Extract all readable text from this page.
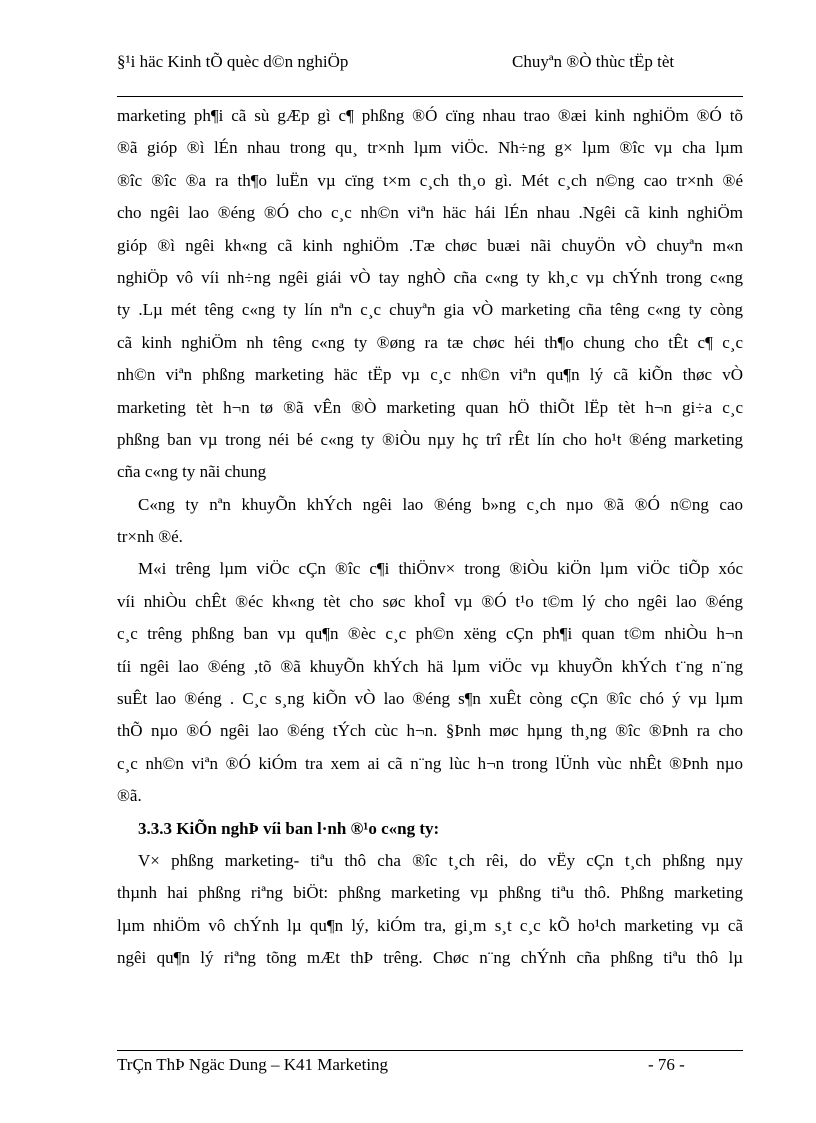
§¹i häc Kinh tÕ quèc d©n nghiÖp	Chuyªn ®Ò thùc tËp tèt
marketing ph¶i cã sù gÆp gì c¶ phßng ®Ó cïng nhau trao ®æi kinh nghiÖm ®Ó tõ
®ã gióp ®ì lÉn nhau trong qu¸ tr×nh lµm viÖc. Nh÷ng g× lµm ®îc vµ cha lµm
®îc ®îc ®a ra th¶o luËn vµ cïng t×m c¸ch th¸o gì. Mét c¸ch n©ng cao tr×nh ®é
cho ngêi lao ®éng ®Ó cho c¸c nh©n viªn häc hái lÉn nhau .Ngêi cã kinh nghiÖm
gióp ®ì ngêi kh«ng cã kinh nghiÖm .Tæ chøc buæi nãi chuyÖn vÒ chuyªn m«n
nghiÖp vô víi nh÷ng ngêi giái vÒ tay nghÒ cña c«ng ty kh¸c vµ chÝnh trong c«ng
ty .Lµ mét têng c«ng ty lín nªn c¸c chuyªn gia vÒ marketing cña têng c«ng ty còng
cã kinh nghiÖm nh têng c«ng ty ®øng ra tæ chøc héi th¶o chung cho tÊt c¶ c¸c
nh©n viªn phßng marketing häc tËp vµ c¸c nh©n viªn qu¶n lý cã kiÕn thøc vÒ
marketing tèt h¬n tø ®ã vÊn ®Ò marketing quan hÖ thiÕt lËp tèt h¬n gi÷a c¸c
phßng ban vµ trong néi bé c«ng ty ®iÒu nµy hç trî rÊt lín cho ho¹t ®éng marketing
cña c«ng ty nãi chung
C«ng ty nªn khuyÕn khÝch ngêi lao ®éng b»ng c¸ch nµo ®ã ®Ó n©ng cao
tr×nh ®é.
M«i trêng lµm viÖc cÇn ®îc c¶i thiÖnv× trong ®iÒu kiÖn lµm viÖc tiÕp xóc
víi nhiÒu chÊt ®éc kh«ng tèt cho søc khoÎ vµ ®Ó t¹o t©m lý cho ngêi lao ®éng
c¸c trêng phßng ban vµ qu¶n ®èc c¸c ph©n xëng cÇn ph¶i quan t©m nhiÒu h¬n
tíi ngêi lao ®éng ,tõ ®ã khuyÕn khÝch hä lµm viÖc vµ khuyÕn khÝch t¨ng n¨ng
suÊt lao ®éng . C¸c s¸ng kiÕn vÒ lao ®éng s¶n xuÊt còng cÇn ®îc chó ý vµ lµm
thÕ nµo ®Ó ngêi lao ®éng tÝch cùc h¬n. §Þnh møc hµng th¸ng ®îc ®Þnh ra cho
c¸c nh©n viªn ®Ó kiÓm tra xem ai cã n¨ng lùc h¬n trong lÜnh vùc nhÊt ®Þnh nµo
®ã.
3.3.3 KiÕn nghÞ víi ban l·nh ®¹o c«ng ty:
V× phßng marketing- tiªu thô cha ®îc t¸ch rêi, do vËy cÇn t¸ch phßng nµy
thµnh hai phßng riªng biÖt: phßng marketing vµ phßng tiªu thô. Phßng marketing
lµm nhiÖm vô chÝnh lµ qu¶n lý, kiÓm tra, gi¸m s¸t c¸c kÕ ho¹ch marketing vµ cã
ngêi qu¶n lý riªng tõng mÆt thÞ trêng. Chøc n¨ng chÝnh cña phßng tiªu thô lµ
TrÇn ThÞ Ngäc Dung – K41 Marketing	- 76 -
